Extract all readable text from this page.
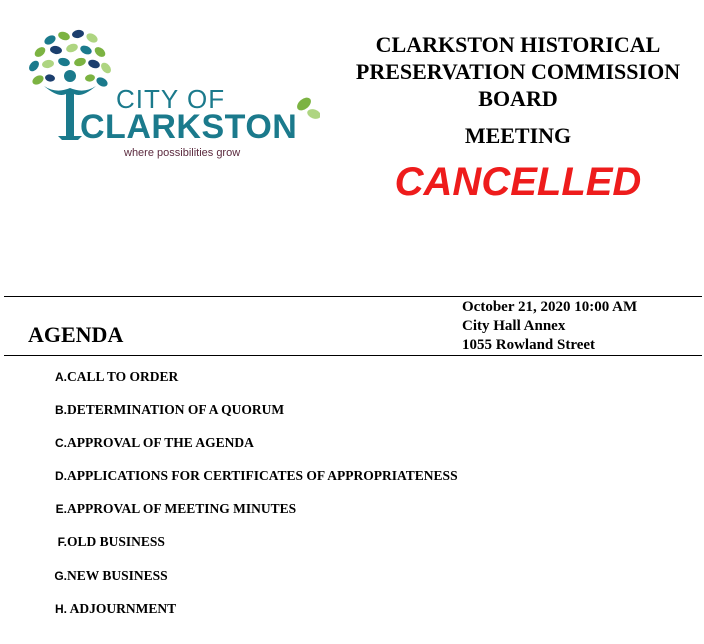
CITY OF
CLARKSTON
where possibilities grow
CLARKSTON HISTORICAL
PRESERVATION COMMISSION
BOARD
MEETING
CANCELLED
AGENDA
October 21, 2020 10:00 AM
City Hall Annex
1055 Rowland Street
A. CALL TO ORDER
B. DETERMINATION OF A QUORUM
C. APPROVAL OF THE AGENDA
D. APPLICATIONS FOR CERTIFICATES OF APPROPRIATENESS
E. APPROVAL OF MEETING MINUTES
F. OLD BUSINESS
G. NEW BUSINESS
H. ADJOURNMENT
